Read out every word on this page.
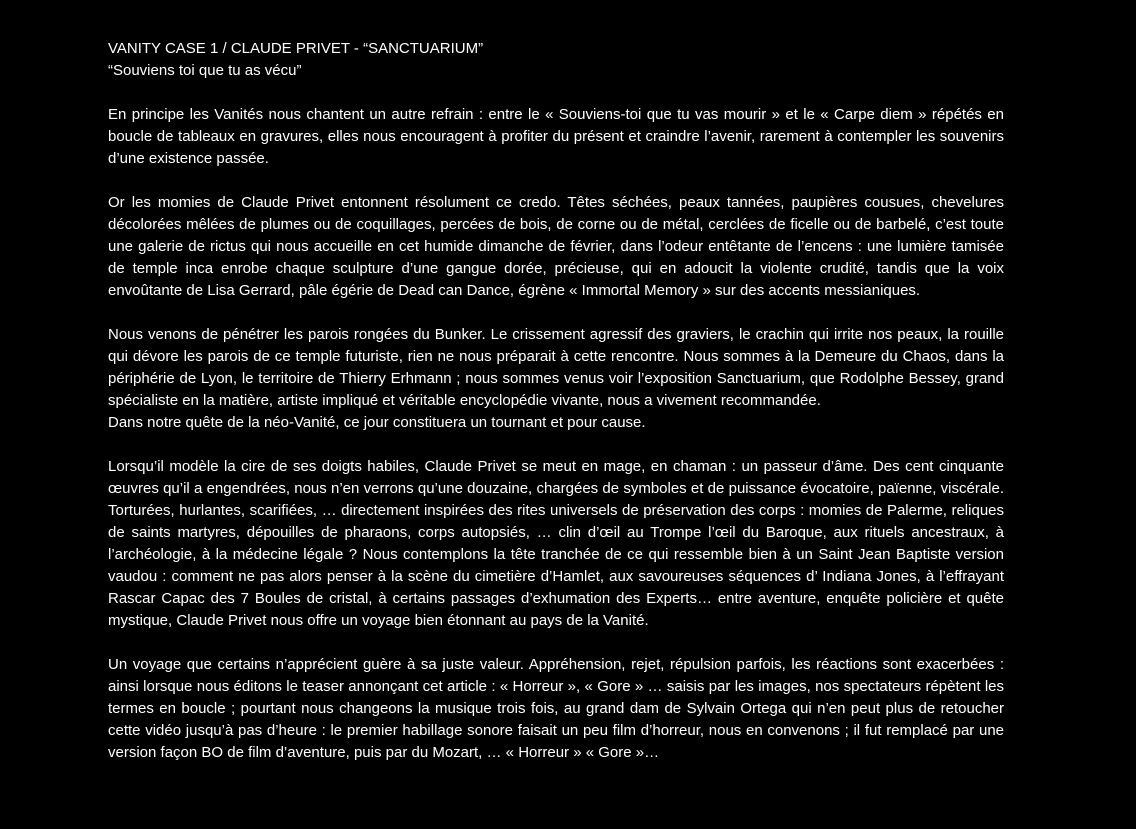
VANITY CASE 1 / CLAUDE PRIVET - “SANCTUARIUM”
“Souviens toi que tu as vécu”

En principe les Vanités nous chantent un autre refrain : entre le « Souviens-toi que tu vas mourir » et le « Carpe diem » répétés en boucle de tableaux en gravures, elles nous encouragent à profiter du présent et craindre l’avenir, rarement à contempler les souvenirs d’une existence passée.

Or les momies de Claude Privet entonnent résolument ce credo. Têtes séchées, peaux tannées, paupières cousues, chevelures décolorées mêlées de plumes ou de coquillages, percées de bois, de corne ou de métal, cerclées de ficelle ou de barbelé, c’est toute une galerie de rictus qui nous accueille en cet humide dimanche de février, dans l’odeur entêtante de l’encens : une lumière tamisée de temple inca enrobe chaque sculpture d’une gangue dorée, précieuse, qui en adoucit la violente crudité, tandis que la voix envoûtante de Lisa Gerrard, pâle égérie de Dead can Dance, égrène « Immortal Memory » sur des accents messianiques.

Nous venons de pénétrer les parois rongées du Bunker. Le crissement agressif des graviers, le crachin qui irrite nos peaux, la rouille qui dévore les parois de ce temple futuriste, rien ne nous préparait à cette rencontre. Nous sommes à la Demeure du Chaos, dans la périphérie de Lyon, le territoire de Thierry Erhmann ; nous sommes venus voir l’exposition Sanctuarium, que Rodolphe Bessey, grand spécialiste en la matière, artiste impliqué et véritable encyclopédie vivante, nous a vivement recommandée.
Dans notre quête de la néo-Vanité, ce jour constituera un tournant et pour cause.

Lorsqu’il modèle la cire de ses doigts habiles, Claude Privet se meut en mage, en chaman : un passeur d’âme. Des cent cinquante œuvres qu’il a engendrées, nous n’en verrons qu’une douzaine, chargées de symboles et de puissance évocatoire, païenne, viscérale. Torturées, hurlantes, scarifiées, … directement inspirées des rites universels de préservation des corps : momies de Palerme, reliques de saints martyres, dépouilles de pharaons, corps autopsiés, … clin d’œil au Trompe l’œil du Baroque, aux rituels ancestraux, à l’archéologie, à la médecine légale ? Nous contemplons la tête tranchée de ce qui ressemble bien à un Saint Jean Baptiste version vaudou : comment ne pas alors penser à la scène du cimetière d’Hamlet, aux savoureuses séquences d’ Indiana Jones, à l’effrayant Rascar Capac des 7 Boules de cristal, à certains passages d’exhumation des Experts… entre aventure, enquête policière et quête mystique, Claude Privet nous offre un voyage bien étonnant au pays de la Vanité.

Un voyage que certains n’apprécient guère à sa juste valeur. Appréhension, rejet, répulsion parfois, les réactions sont exacerbées : ainsi lorsque nous éditons le teaser annonçant cet article : « Horreur », « Gore » … saisis par les images, nos spectateurs répètent les termes en boucle ; pourtant nous changeons la musique trois fois, au grand dam de Sylvain Ortega qui n’en peut plus de retoucher cette vidéo jusqu’à pas d’heure : le premier habillage sonore faisait un peu film d’horreur, nous en convenons ; il fut remplacé par une version façon BO de film d’aventure, puis par du Mozart, … « Horreur » « Gore »…
